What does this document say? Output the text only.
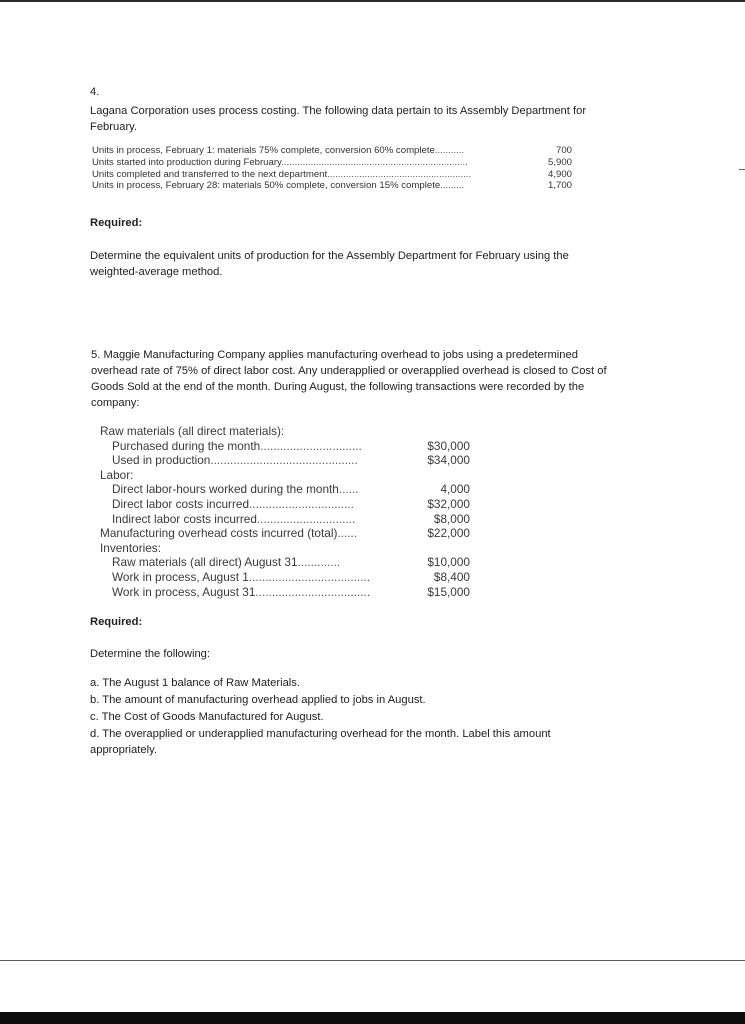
4.
Lagana Corporation uses process costing. The following data pertain to its Assembly Department for
February.
Units in process, February 1: materials 75% complete, conversion 60% complete...........	700
Units started into production during February......................................................................	5,900
Units completed and transferred to the next department......................................................	4,900
Units in process, February 28: materials 50% complete, conversion 15% complete.........	1,700
Required:
Determine the equivalent units of production for the Assembly Department for February using the
weighted-average method.
5. Maggie Manufacturing Company applies manufacturing overhead to jobs using a predetermined
overhead rate of 75% of direct labor cost. Any underapplied or overapplied overhead is closed to Cost of
Goods Sold at the end of the month. During August, the following transactions were recorded by the
company:
Raw materials (all direct materials):
Purchased during the month...............................	$30,000
Used in production.............................................	$34,000
Labor:
Direct labor-hours worked during the month......	4,000
Direct labor costs incurred................................	$32,000
Indirect labor costs incurred..............................	$8,000
Manufacturing overhead costs incurred (total)......	$22,000
Inventories:
Raw materials (all direct) August 31.............	$10,000
Work in process, August 1.....................................	$8,400
Work in process, August 31...................................	$15,000
Required:
Determine the following:
a. The August 1 balance of Raw Materials.
b. The amount of manufacturing overhead applied to jobs in August.
c. The Cost of Goods Manufactured for August.
d. The overapplied or underapplied manufacturing overhead for the month. Label this amount
appropriately.
